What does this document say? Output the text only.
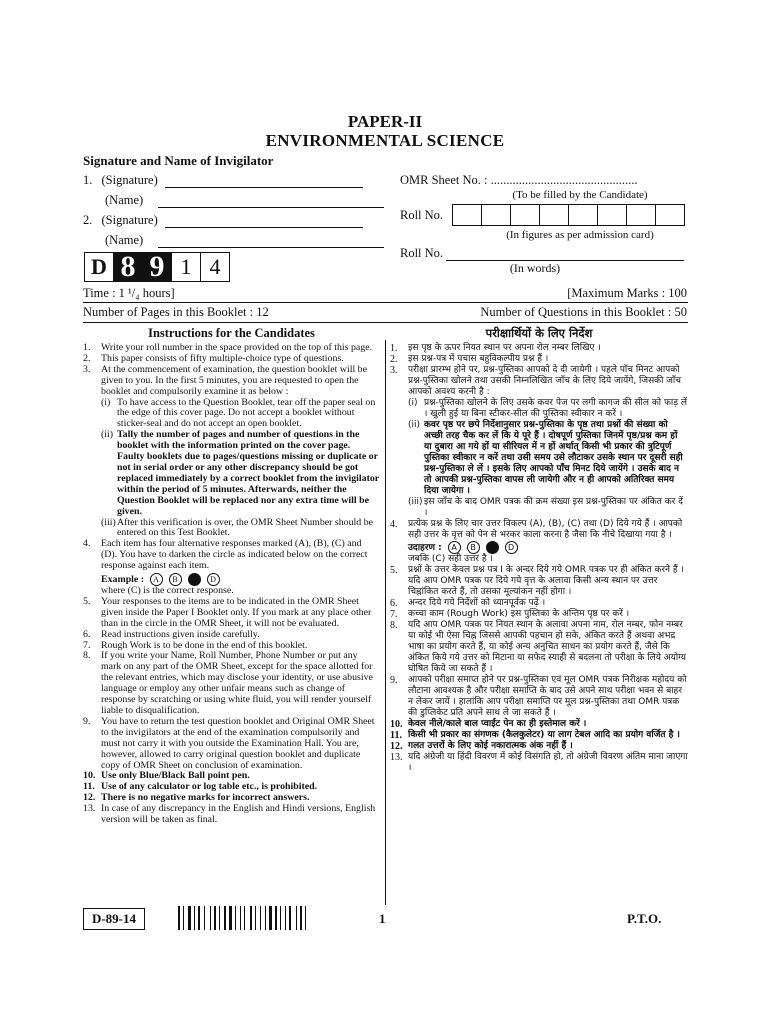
PAPER-II
ENVIRONMENTAL SCIENCE
Signature and Name of Invigilator
1. (Signature)
(Name)
2. (Signature)
(Name)
OMR Sheet No. : ...............................................
(To be filled by the Candidate)
Roll No.
(In figures as per admission card)
Roll No.
(In words)
D 8 9 1 4
Time : 1 ¹/₄ hours]	[Maximum Marks : 100
Number of Pages in this Booklet : 12	Number of Questions in this Booklet : 50
Instructions for the Candidates
1. Write your roll number in the space provided on the top of this page.
2. This paper consists of fifty multiple-choice type of questions.
3. At the commencement of examination, the question booklet will be given to you. In the first 5 minutes, you are requested to open the booklet and compulsorily examine it as below :
(i) To have access to the Question Booklet, tear off the paper seal on the edge of this cover page. Do not accept a booklet without sticker-seal and do not accept an open booklet.
(ii) Tally the number of pages and number of questions in the booklet with the information printed on the cover page. Faulty booklets due to pages/questions missing or duplicate or not in serial order or any other discrepancy should be got replaced immediately by a correct booklet from the invigilator within the period of 5 minutes. Afterwards, neither the Question Booklet will be replaced nor any extra time will be given.
(iii) After this verification is over, the OMR Sheet Number should be entered on this Test Booklet.
4. Each item has four alternative responses marked (A), (B), (C) and (D). You have to darken the circle as indicated below on the correct response against each item.
Example : A B	D
where (C) is the correct response.
5. Your responses to the items are to be indicated in the OMR Sheet given inside the Paper I Booklet only. If you mark at any place other than in the circle in the OMR Sheet, it will not be evaluated.
6. Read instructions given inside carefully.
7. Rough Work is to be done in the end of this booklet.
8. If you write your Name, Roll Number, Phone Number or put any mark on any part of the OMR Sheet, except for the space allotted for the relevant entries, which may disclose your identity, or use abusive language or employ any other unfair means such as change of response by scratching or using white fluid, you will render yourself liable to disqualification.
9. You have to return the test question booklet and Original OMR Sheet to the invigilators at the end of the examination compulsorily and must not carry it with you outside the Examination Hall. You are, however, allowed to carry original question booklet and duplicate copy of OMR Sheet on conclusion of examination.
10. Use only Blue/Black Ball point pen.
11. Use of any calculator or log table etc., is prohibited.
12. There is no negative marks for incorrect answers.
13. In case of any discrepancy in the English and Hindi versions, English version will be taken as final.
परीक्षार्थियों के लिए निर्देश
1. इस पृष्ठ के ऊपर नियत स्थान पर अपना रोल नम्बर लिखिए ।
2. इस प्रश्न-पत्र में पचास बहुविकल्पीय प्रश्न हैं ।
3. परीक्षा प्रारम्भ होने पर, प्रश्न-पुस्तिका आपको दे दी जायेगी । पहले पाँच मिनट आपको प्रश्न-पुस्तिका खोलने तथा उसकी निम्नलिखित जाँच के लिए दिये जायेंगे, जिसकी जाँच आपको अवश्य करनी है :
(i) प्रश्न-पुस्तिका खोलने के लिए उसके कवर पेज पर लगी कागज की सील को फाड़ लें । खुली हुई या बिना स्टीकर-सील की पुस्तिका स्वीकार न करें ।
(ii) कवर पृष्ठ पर छपे निर्देशानुसार प्रश्न-पुस्तिका के पृष्ठ तथा प्रश्नों की संख्या को अच्छी तरह चैक कर लें कि ये पूरे हैं । दोषपूर्ण पुस्तिका जिनमें पृष्ठ/प्रश्न कम हों या दुबारा आ गये हों या सीरियल में न हों अर्थात् किसी भी प्रकार की त्रुटिपूर्ण पुस्तिका स्वीकार न करें तथा उसी समय उसे लौटाकर उसके स्थान पर दूसरी सही प्रश्न-पुस्तिका ले लें । इसके लिए आपको पाँच मिनट दिये जायेंगे । उसके बाद न तो आपकी प्रश्न-पुस्तिका वापस ली जायेगी और न ही आपको अतिरिक्त समय दिया जायेगा ।
(iii) इस जाँच के बाद OMR पत्रक की क्रम संख्या इस प्रश्न-पुस्तिका पर अंकित कर दें ।
4. प्रत्येक प्रश्न के लिए चार उत्तर विकल्प (A), (B), (C) तथा (D) दिये गये हैं । आपको सही उत्तर के वृत्त को पेन से भरकर काला करना है जैसा कि नीचे दिखाया गया है ।
उदाहरण : A B	D
जबकि (C) सही उत्तर है ।
5. प्रश्नों के उत्तर केवल प्रश्न पत्र I के अन्दर दिये गये OMR पत्रक पर ही अंकित करने हैं । यदि आप OMR पत्रक पर दिये गये वृत्त के अलावा किसी अन्य स्थान पर उत्तर चिह्नांकित करते हैं, तो उसका मूल्यांकन नहीं होगा ।
6. अन्दर दिये गये निर्देशों को ध्यानपूर्वक पढ़ें ।
7. कच्चा काम (Rough Work) इस पुस्तिका के अन्तिम पृष्ठ पर करें ।
8. यदि आप OMR पत्रक पर नियत स्थान के अलावा अपना नाम, रोल नम्बर, फोन नम्बर या कोई भी ऐसा चिह्न जिससे आपकी पहचान हो सके, अंकित करते हैं अथवा अभद्र भाषा का प्रयोग करते हैं, या कोई अन्य अनुचित साधन का प्रयोग करते हैं, जैसे कि अंकित किये गये उत्तर को मिटाना या सफेद स्याही से बदलना तो परीक्षा के लिये अयोग्य घोषित किये जा सकते हैं ।
9. आपको परीक्षा समाप्त होने पर प्रश्न-पुस्तिका एवं मूल OMR पत्रक निरीक्षक महोदय को लौटाना आवश्यक है और परीक्षा समाप्ति के बाद उसे अपने साथ परीक्षा भवन से बाहर न लेकर जायें । हालांकि आप परीक्षा समाप्ति पर मूल प्रश्न-पुस्तिका तथा OMR पत्रक की डुप्लिकेट प्रति अपने साथ ले जा सकते हैं ।
10. केवल नीले/काले बाल प्वाईंट पेन का ही इस्तेमाल करें ।
11. किसी भी प्रकार का संगणक (कैलकुलेटर) या लाग टेबल आदि का प्रयोग वर्जित है ।
12. गलत उत्तरों के लिए कोई नकारात्मक अंक नहीं हैं ।
13. यदि अंग्रेजी या हिंदी विवरण में कोई विसंगति हो, तो अंग्रेजी विवरण अंतिम माना जाएगा ।
D-89-14	1	P.T.O.
